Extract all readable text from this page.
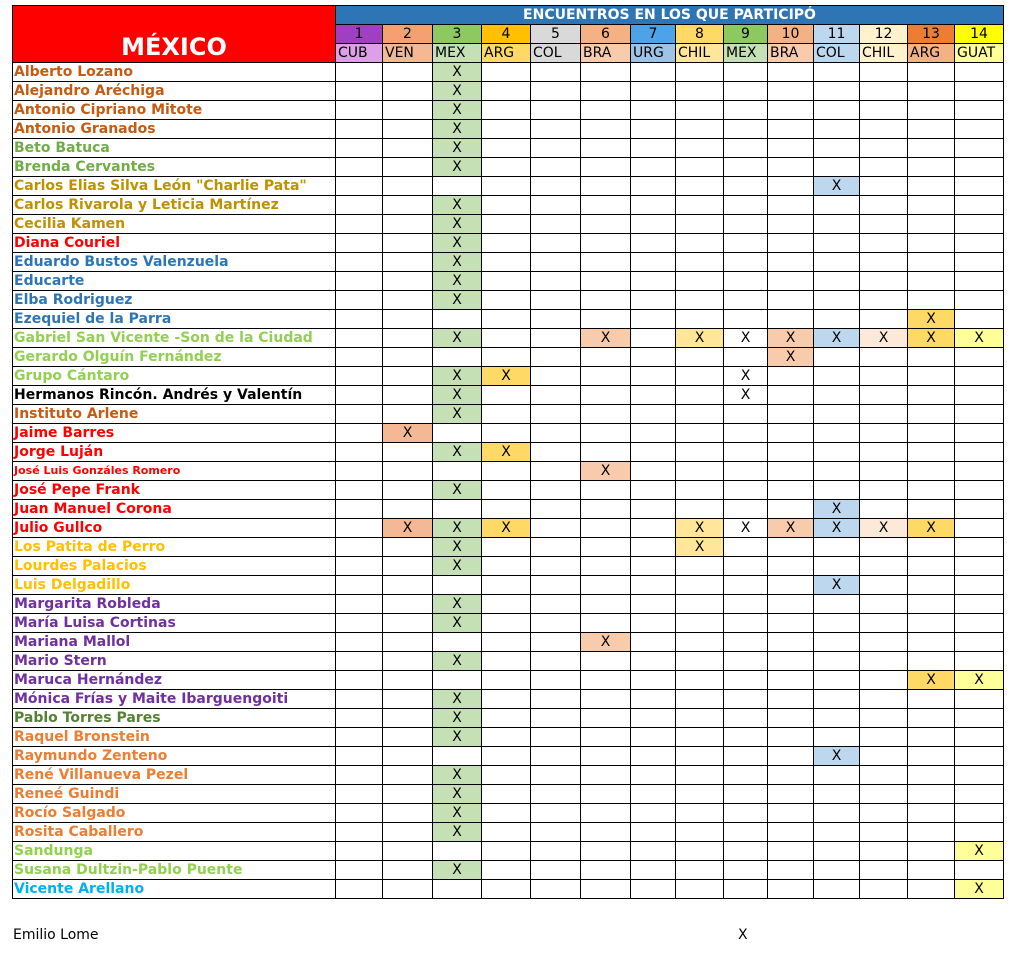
MÉXICO	ENCUENTROS EN LOS QUE PARTICIPÓ													
	1	2	3	4	5	6	7	8	9	10	11	12	13	14
	CUB	VEN	MEX	ARG	COL	BRA	URG	CHIL	MEX	BRA	COL	CHIL	ARG	GUAT
Alberto Lozano			X											
Alejandro Aréchiga			X											
Antonio Cipriano Mitote			X											
Antonio Granados			X											
Beto Batuca			X											
Brenda Cervantes			X											
Carlos Elias Silva León "Charlie Pata"											X			
Carlos Rivarola y Leticia Martínez			X											
Cecilia Kamen			X											
Diana Couriel			X											
Eduardo Bustos Valenzuela			X											
Educarte			X											
Elba Rodriguez			X											
Ezequiel de la Parra													X	
Gabriel San Vicente -Son de la Ciudad			X			X		X	X	X	X	X	X	X
Gerardo Olguín Fernández										X				
Grupo Cántaro			X	X					X					
Hermanos Rincón. Andrés y Valentín			X						X					
Instituto Arlene			X											
Jaime Barres		X												
Jorge Luján			X	X										
José Luis Gonzáles Romero						X								
José Pepe Frank			X											
Juan Manuel Corona											X			
Julio Gullco		X	X	X				X	X	X	X	X	X	
Los Patita de Perro			X					X						
Lourdes Palacios			X											
Luis Delgadillo											X			
Margarita Robleda			X											
María Luisa Cortinas			X											
Mariana Mallol						X								
Mario Stern			X											
Maruca Hernández													X	X
Mónica Frías y Maite Ibarguengoiti			X											
Pablo Torres Pares			X											
Raquel Bronstein			X											
Raymundo Zenteno											X			
René Villanueva Pezel			X											
Reneé Guindi			X											
Rocío Salgado			X											
Rosita Caballero			X											
Sandunga														X
Susana Dultzin-Pablo Puente			X											
Vicente Arellano														X
Emilio Lome	X
